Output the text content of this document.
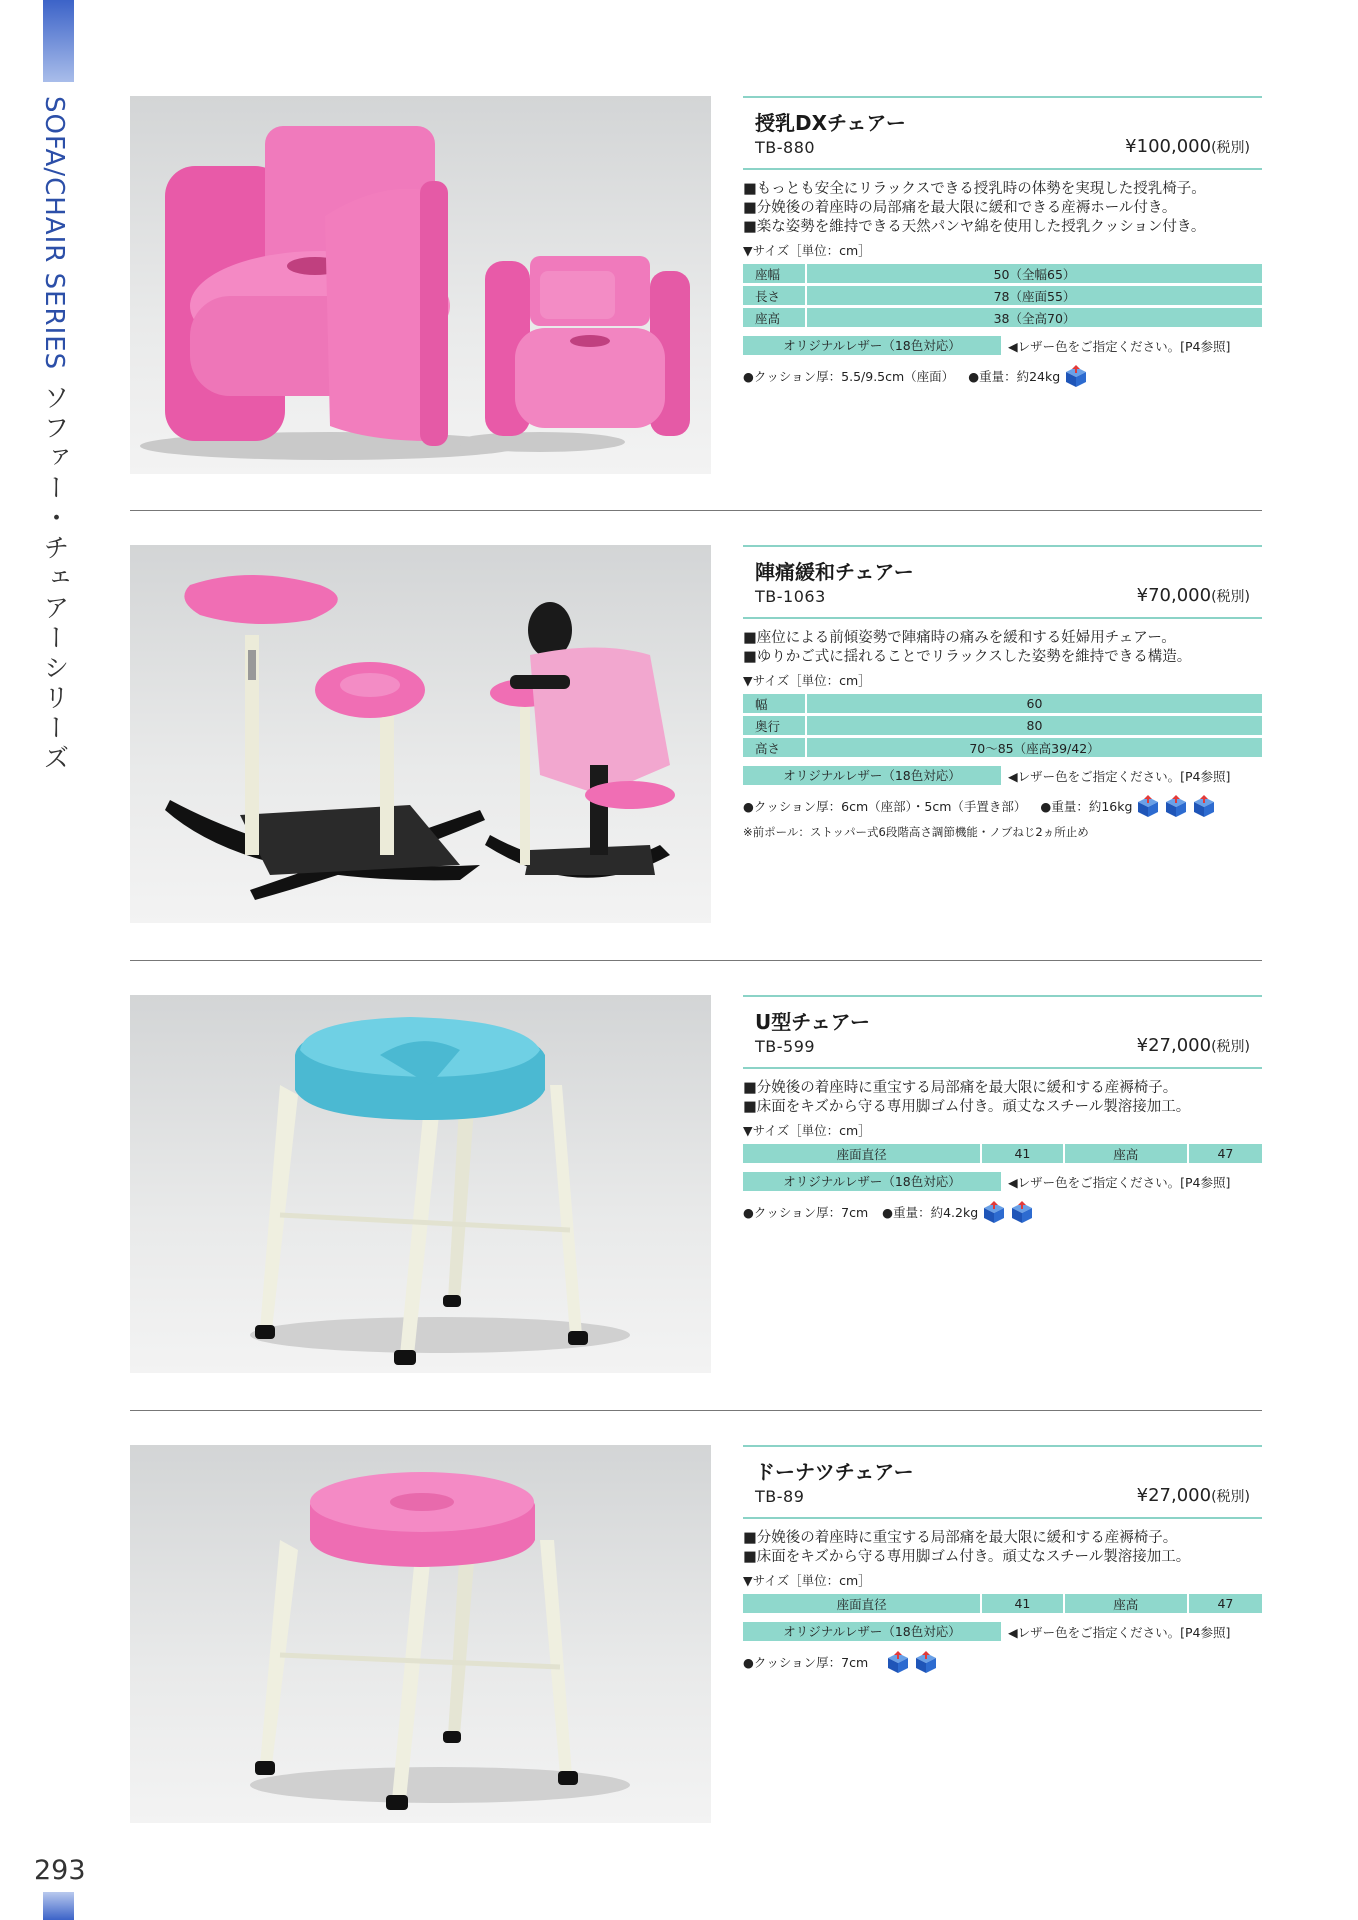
SOFA/CHAIR SERIESソファー・チェアーシリーズ
293
授乳DXチェアー
TB-880	¥100,000(税別)
■もっとも安全にリラックスできる授乳時の体勢を実現した授乳椅子。
■分娩後の着座時の局部痛を最大限に緩和できる産褥ホール付き。
■楽な姿勢を維持できる天然パンヤ綿を使用した授乳クッション付き。
▼サイズ［単位：cm］
座幅	50（全幅65）
長さ	78（座面55）
座高	38（全高70）
オリジナルレザー（18色対応）	◀レザー色をご指定ください。[P4参照]
●クッション厚：5.5/9.5cm（座面） ●重量：約24kg
陣痛緩和チェアー
TB-1063	¥70,000(税別)
■座位による前傾姿勢で陣痛時の痛みを緩和する妊婦用チェアー。
■ゆりかご式に揺れることでリラックスした姿勢を維持できる構造。
▼サイズ［単位：cm］
幅	60
奥行	80
高さ	70〜85（座高39/42）
オリジナルレザー（18色対応）	◀レザー色をご指定ください。[P4参照]
●クッション厚：6cm（座部）・5cm（手置き部） ●重量：約16kg
※前ポール：ストッパー式6段階高さ調節機能・ノブねじ2ヵ所止め
U型チェアー
TB-599	¥27,000(税別)
■分娩後の着座時に重宝する局部痛を最大限に緩和する産褥椅子。
■床面をキズから守る専用脚ゴム付き。頑丈なスチール製溶接加工。
▼サイズ［単位：cm］
座面直径	41	座高	47
オリジナルレザー（18色対応）	◀レザー色をご指定ください。[P4参照]
●クッション厚：7cm ●重量：約4.2kg
ドーナツチェアー
TB-89	¥27,000(税別)
■分娩後の着座時に重宝する局部痛を最大限に緩和する産褥椅子。
■床面をキズから守る専用脚ゴム付き。頑丈なスチール製溶接加工。
▼サイズ［単位：cm］
座面直径	41	座高	47
オリジナルレザー（18色対応）	◀レザー色をご指定ください。[P4参照]
●クッション厚：7cm
